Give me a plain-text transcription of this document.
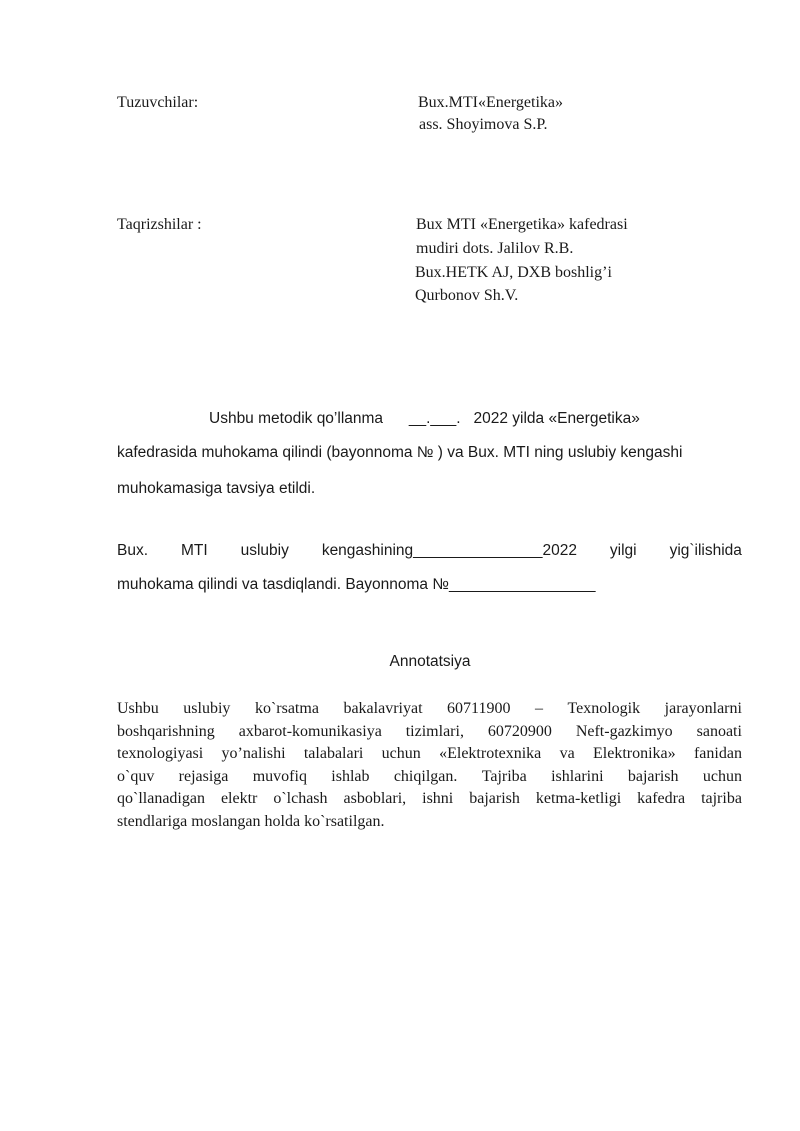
Tuzuvchilar:	Bux.MTI«Energetika»
ass. Shoyimova S.P.
Taqrizshilar :	Bux MTI «Energetika» kafedrasi
mudiri dots. Jalilov R.B.
Bux.HETK AJ, DXB boshlig’i
Qurbonov Sh.V.
Ushbu metodik qo’llanma      __.___.   2022 yilda «Energetika»
kafedrasida muhokama qilindi (bayonnoma № ) va Bux. MTI ning uslubiy kengashi
muhokamasiga tavsiya etildi.
Bux. MTI uslubiy kengashining_______________2022 yilgi yig`ilishida
muhokama qilindi va tasdiqlandi. Bayonnoma №_________________
Annotatsiya
Ushbu uslubiy ko`rsatma bakalavriyat 60711900 – Texnologik jarayonlarni
boshqarishning axbarot-komunikasiya tizimlari, 60720900 Neft-gazkimyo sanoati
texnologiyasi yo’nalishi talabalari uchun «Elektrotexnika va Elektronika» fanidan
o`quv rejasiga muvofiq ishlab chiqilgan. Tajriba ishlarini bajarish uchun
qo`llanadigan elektr o`lchash asboblari, ishni bajarish ketma-ketligi kafedra tajriba
stendlariga moslangan holda ko`rsatilgan.
